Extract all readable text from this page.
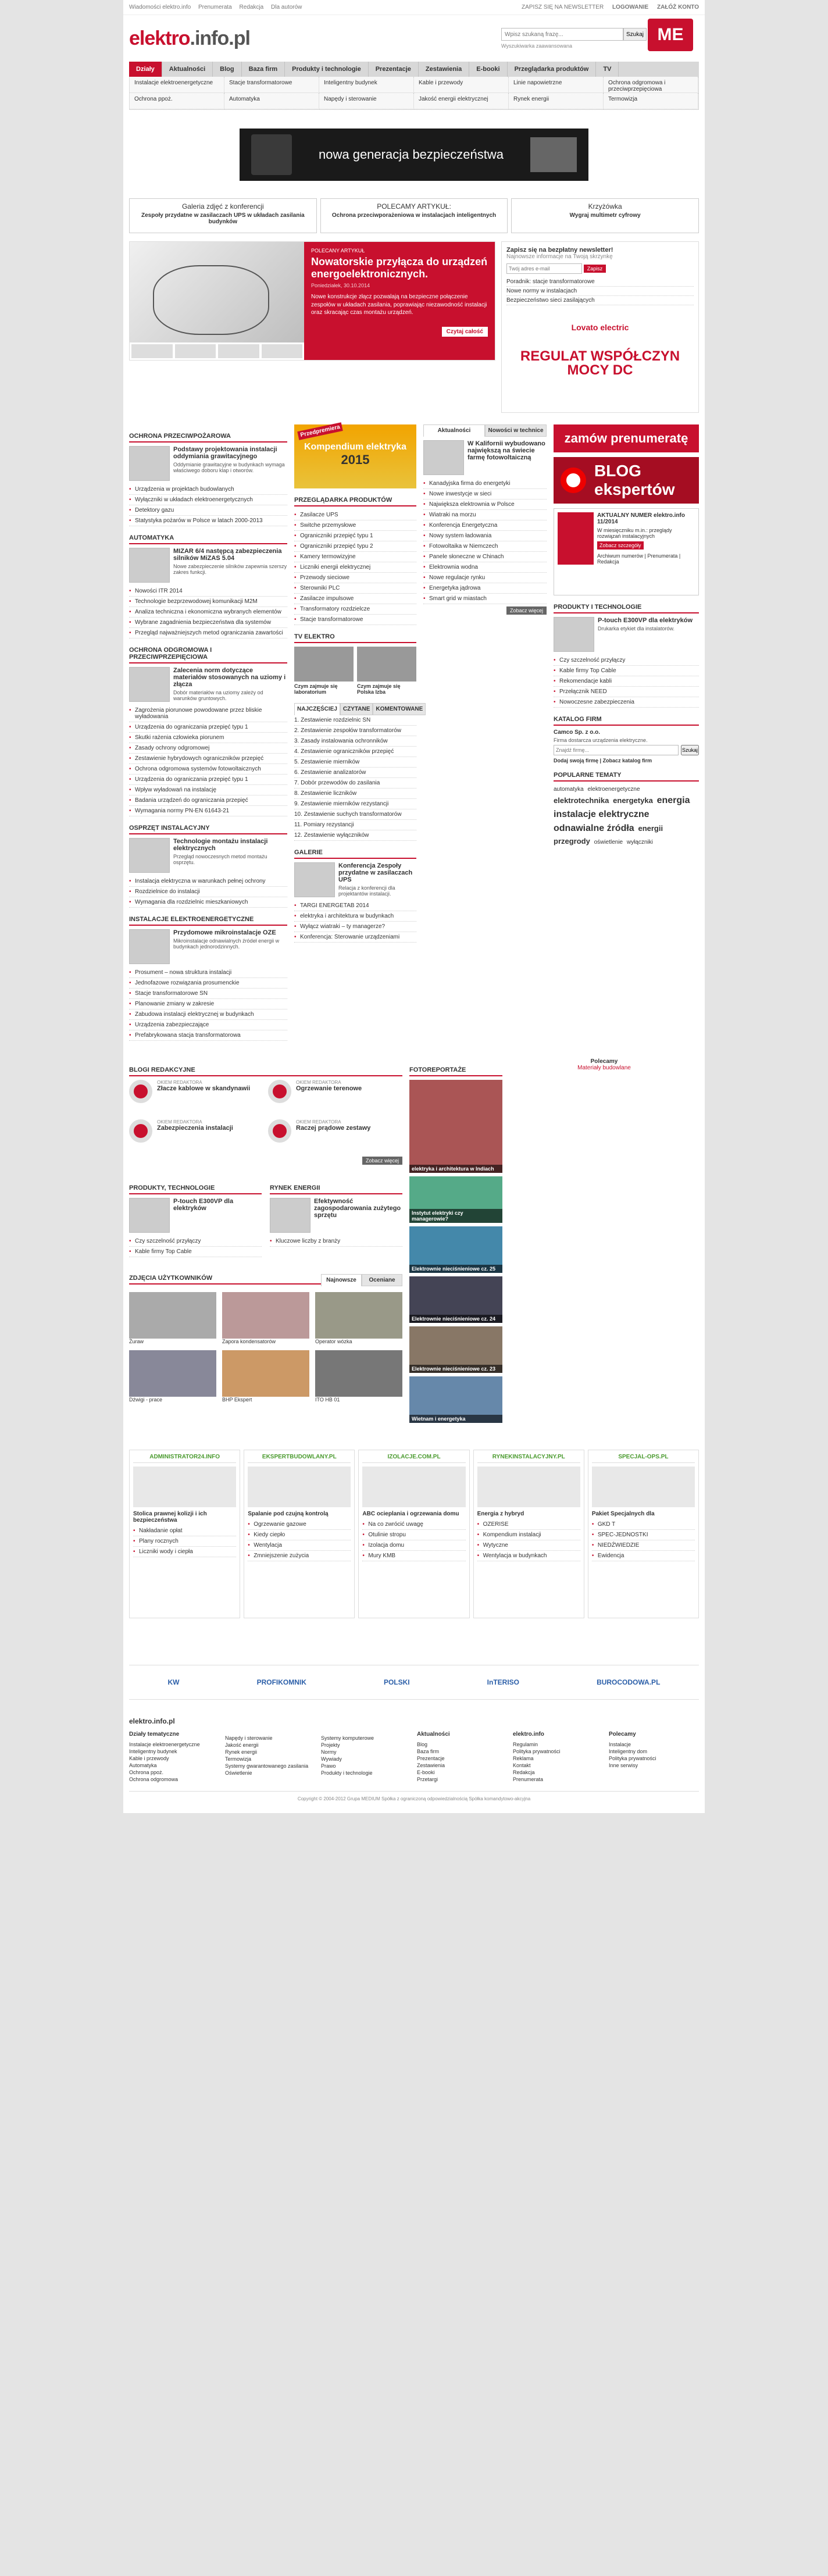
Wiadomości elektro.info Prenumerata Redakcja Dla autorów	ZAPISZ SIĘ NA NEWSLETTER LOGOWANIE ZAŁÓŻ KONTO
elektro.info.pl
Wpisz szukaną frazę...	Szukaj
Wyszukiwarka zaawansowana
MЕ
Działy	Aktualności	Blog	Baza firm	Produkty i technologie	Prezentacje	Zestawienia	E-booki	Przeglądarka produktów	TV
Instalacje elektroenergetyczne	Stacje transformatorowe	Inteligentny budynek	Kable i przewody	Linie napowietrzne	Ochrona odgromowa i przeciwprzepięciowa
Ochrona ppoż.	Automatyka	Napędy i sterowanie	Jakość energii elektrycznej	Rynek energii	Termowizja
nowa generacja bezpieczeństwa
Galeria zdjęć z konferencji

Zespoły przydatne w zasilaczach UPS w układach zasilania budynków

POLECAMY ARTYKUŁ:

Ochrona przeciwporażeniowa w instalacjach inteligentnych

Krzyżówka

Wygraj multimetr cyfrowy

POLECANY ARTYKUŁ
Nowatorskie przyłącza do urządzeń energoelektronicznych.
Poniedziałek, 30.10.2014

Nowe konstrukcje złącz pozwalają na bezpieczne połączenie zespołów w układach zasilania, poprawiając niezawodność instalacji oraz skracając czas montażu urządzeń.

Czytaj całość
Zapisz się na bezpłatny newsletter!
Najnowsze informacje na Twoją skrzynkę
Twój adres e-mail Zapisz
Poradnik: stacje transformatorowe
Nowe normy w instalacjach
Bezpieczeństwo sieci zasilających
Lovato electric
REGULAT WSPÓŁCZYN MOCY DC
OCHRONA PRZECIWPOŻAROWA
Podstawy projektowania instalacji oddymiania grawitacyjnego

Oddymianie grawitacyjne w budynkach wymaga właściwego doboru klap i otworów.

• Urządzenia w projektach budowlanych
• Wyłączniki w układach elektroenergetycznych
• Detektory gazu
• Statystyka pożarów w Polsce w latach 2000-2013
AUTOMATYKA
MIZAR 6/4 następcą zabezpieczenia silników MiZAS 5.04

Nowe zabezpieczenie silników zapewnia szerszy zakres funkcji.

• Nowości ITR 2014
• Technologie bezprzewodowej komunikacji M2M
• Analiza techniczna i ekonomiczna wybranych elementów
• Wybrane zagadnienia bezpieczeństwa dla systemów
• Przegląd najważniejszych metod ograniczania zawartości
OCHRONA ODGROMOWA I PRZECIWPRZEPIĘCIOWA
Zalecenia norm dotyczące materiałów stosowanych na uziomy i złącza

Dobór materiałów na uziomy zależy od warunków gruntowych.

• Zagrożenia piorunowe powodowane przez bliskie wyładowania
• Urządzenia do ograniczania przepięć typu 1
• Skutki rażenia człowieka piorunem
• Zasady ochrony odgromowej
• Zestawienie hybrydowych ograniczników przepięć
• Ochrona odgromowa systemów fotowoltaicznych
• Urządzenia do ograniczania przepięć typu 1
• Wpływ wyładowań na instalację
• Badania urządzeń do ograniczania przepięć
• Wymagania normy PN-EN 61643-21
OSPRZĘT INSTALACYJNY
Technologie montażu instalacji elektrycznych

Przegląd nowoczesnych metod montażu osprzętu.

• Instalacja elektryczna w warunkach pełnej ochrony
• Rozdzielnice do instalacji
• Wymagania dla rozdzielnic mieszkaniowych
INSTALACJE ELEKTROENERGETYCZNE
Przydomowe mikroinstalacje OZE

Mikroinstalacje odnawialnych źródeł energii w budynkach jednorodzinnych.

• Prosument – nowa struktura instalacji
• Jednofazowe rozwiązania prosumenckie
• Stacje transformatorowe SN
• Planowanie zmiany w zakresie
• Zabudowa instalacji elektrycznej w budynkach
• Urządzenia zabezpieczające
• Prefabrykowana stacja transformatorowa
Przedpremiera
Kompendium elektryka
2015
PRZEGLĄDARKA PRODUKTÓW
• Zasilacze UPS
• Switche przemysłowe
• Ograniczniki przepięć typu 1
• Ograniczniki przepięć typu 2
• Kamery termowizyjne
• Liczniki energii elektrycznej
• Przewody sieciowe
• Sterowniki PLC
• Zasilacze impulsowe
• Transformatory rozdzielcze
• Stacje transformatorowe
TV ELEKTRO
Czym zajmuje się laboratorium
Czym zajmuje się Polska Izba
NAJCZĘŚCIEJ	CZYTANE	KOMENTOWANE
1. Zestawienie rozdzielnic SN
2. Zestawienie zespołów transformatorów
3. Zasady instalowania ochronników
4. Zestawienie ograniczników przepięć
5. Zestawienie mierników
6. Zestawienie analizatorów
7. Dobór przewodów do zasilania
8. Zestawienie liczników
9. Zestawienie mierników rezystancji
10. Zestawienie suchych transformatorów
11. Pomiary rezystancji
12. Zestawienie wyłączników
GALERIE
Konferencja Zespoły przydatne w zasilaczach UPS

Relacja z konferencji dla projektantów instalacji.

• TARGI ENERGETAB 2014
• elektryka i architektura w budynkach
• Wyłącz wiatraki – ty managerze?
• Konferencja: Sterowanie urządzeniami
Aktualności	Nowości w technice
W Kalifornii wybudowano największą na świecie farmę fotowoltaiczną
• Kanadyjska firma do energetyki
• Nowe inwestycje w sieci
• Największa elektrownia w Polsce
• Wiatraki na morzu
• Konferencja Energetyczna
• Nowy system ładowania
• Fotowoltaika w Niemczech
• Panele słoneczne w Chinach
• Elektrownia wodna
• Nowe regulacje rynku
• Energetyka jądrowa
• Smart grid w miastach
Zobacz więcej
zamów prenumeratę
BLOG ekspertów
AKTUALNY NUMER elektro.info 11/2014
W miesięczniku m.in.: przeglądy rozwiązań instalacyjnych
Zobacz szczegóły
Archiwum numerów | Prenumerata | Redakcja
PRODUKTY I TECHNOLOGIE
P-touch E300VP dla elektryków

Drukarka etykiet dla instalatorów.

• Czy szczelność przyłączy
• Kable firmy Top Cable
• Rekomendacje kabli
• Przełącznik NEED
• Nowoczesne zabezpieczenia
KATALOG FIRM
Camco Sp. z o.o.
Firma dostarcza urządzenia elektryczne.
Znajdź firmę...
Szukaj
Dodaj swoją firmę | Zobacz katalog firm
POPULARNE TEMATY
automatyka elektroenergetyczne elektrotechnika energetyka energia instalacje elektryczne odnawialne źródła energii przegrody oświetlenie wyłączniki
BLOGI REDAKCYJNE
OKIEM REDAKTORA
Złacze kablowe w skandynawii
OKIEM REDAKTORA
Ogrzewanie terenowe
OKIEM REDAKTORA
Zabezpieczenia instalacji
OKIEM REDAKTORA
Raczej prądowe zestawy
Zobacz więcej
PRODUKTY, TECHNOLOGIE
P-touch E300VP dla elektryków
• Czy szczelność przyłączy
• Kable firmy Top Cable
RYNEK ENERGII
Efektywność zagospodarowania zużytego sprzętu
• Kluczowe liczby z branży
ZDJĘCIA UŻYTKOWNIKÓW	Najnowsze	Oceniane
Żuraw	Zapora kondensatorów	Operator wózka
Dźwigi - prace	BHP Ekspert	ITO HB 01
FOTOREPORTAŻE
elektryka i architektura w Indiach
Instytut elektryki czy managerowie?
Elektrownie nieciśnieniowe cz. 25
Elektrownie nieciśnieniowe cz. 24
Elektrownie nieciśnieniowe cz. 23
Wietnam i energetyka
Polecamy
Materiały budowlane
ADMINISTRATOR24.INFO
Stolica prawnej kolizji i ich bezpieczeństwa
• Nakładanie opłat
• Plany rocznych
• Liczniki wody i ciepła
EKSPERTBUDOWLANY.PL
Spalanie pod czujną kontrolą
• Ogrzewanie gazowe
• Kiedy ciepło
• Wentylacja
• Zmniejszenie zużycia
IZOLACJE.COM.PL
ABC ocieplania i ogrzewania domu
• Na co zwrócić uwagę
• Otulinie stropu
• Izolacja domu
• Mury KMB
RYNEKINSTALACYJNY.PL
Energia z hybryd
• OZERISE
• Kompendium instalacji
• Wytyczne
• Wentylacja w budynkach
SPECJAL-OPS.PL
Pakiet Specjalnych dla
• GKD T
• SPEC-JEDNOSTKI
• NIEDŹWIEDZIE
• Ewidencja
KW	PROFIKOMNIK	POLSKI	InTERISO	BUROCODOWA.PL
elektro.info.pl
Działy tematyczne
Instalacje elektroenergetyczne
Inteligentny budynek
Kable i przewody
Automatyka
Ochrona ppoż.
Ochrona odgromowa
Napędy i sterowanie
Jakość energii
Rynek energii
Termowizja
Systemy gwarantowanego zasilania
Oświetlenie
Systemy komputerowe
Projekty
Normy
Wywiady
Prawo
Produkty i technologie
Aktualności
Blog
Baza firm
Prezentacje
Zestawienia
E-booki
Przetargi
elektro.info
Regulamin
Polityka prywatności
Reklama
Kontakt
Redakcja
Prenumerata
Polecamy
Instalacje
Inteligentny dom
Polityka prywatności
Inne serwisy
Copyright © 2004-2012 Grupa MEDIUM Spółka z ograniczoną odpowiedzialnością Spółka komandytowo-akcyjna
